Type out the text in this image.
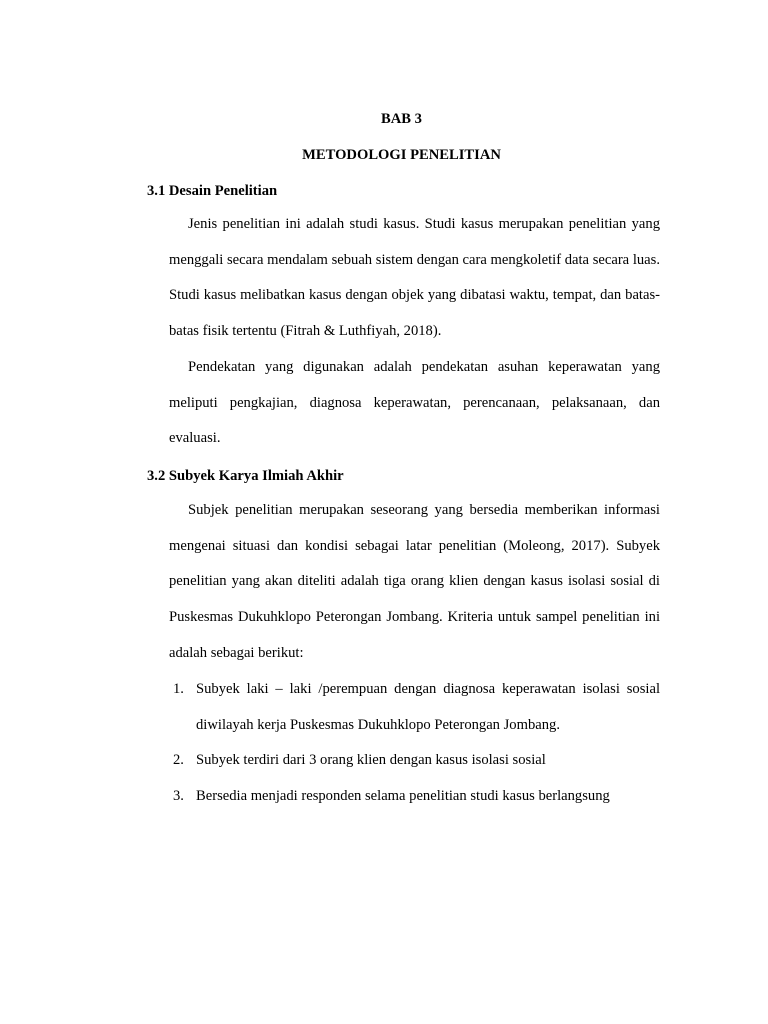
BAB 3
METODOLOGI PENELITIAN
3.1 Desain Penelitian

Jenis penelitian ini adalah studi kasus. Studi kasus merupakan penelitian yang menggali secara mendalam sebuah sistem dengan cara mengkoletif data secara luas. Studi kasus melibatkan kasus dengan objek yang dibatasi waktu, tempat, dan batas-batas fisik tertentu (Fitrah & Luthfiyah, 2018).

Pendekatan yang digunakan adalah pendekatan asuhan keperawatan yang meliputi pengkajian, diagnosa keperawatan, perencanaan, pelaksanaan, dan evaluasi.

3.2 Subyek Karya Ilmiah Akhir

Subjek penelitian merupakan seseorang yang bersedia memberikan informasi mengenai situasi dan kondisi sebagai latar penelitian (Moleong, 2017). Subyek penelitian yang akan diteliti adalah tiga orang klien dengan kasus isolasi sosial di Puskesmas Dukuhklopo Peterongan Jombang. Kriteria untuk sampel penelitian ini adalah sebagai berikut:

1. Subyek laki – laki /perempuan dengan diagnosa keperawatan isolasi sosial diwilayah kerja Puskesmas Dukuhklopo Peterongan Jombang.
2. Subyek terdiri dari 3 orang klien dengan kasus isolasi sosial
3. Bersedia menjadi responden selama penelitian studi kasus berlangsung
